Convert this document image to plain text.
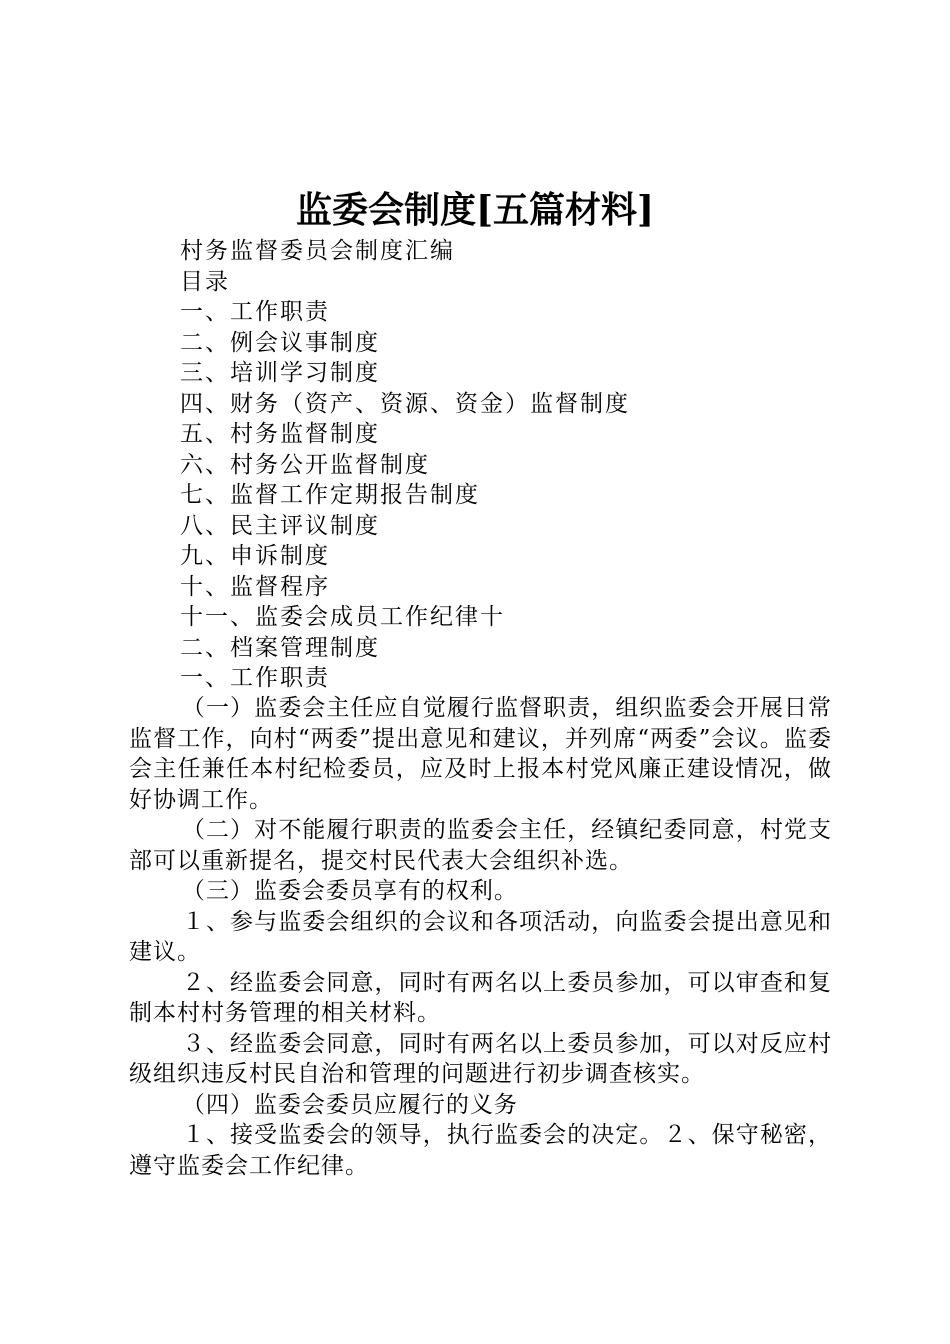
监委会制度[五篇材料]
村务监督委员会制度汇编
目录
一、工作职责
二、例会议事制度
三、培训学习制度
四、财务（资产、资源、资金）监督制度
五、村务监督制度
六、村务公开监督制度
七、监督工作定期报告制度
八、民主评议制度
九、申诉制度
十、监督程序
十一、监委会成员工作纪律十
二、档案管理制度
一、工作职责

（一）监委会主任应自觉履行监督职责，组织监委会开展日常监督工作，向村“两委”提出意见和建议，并列席“两委”会议。监委会主任兼任本村纪检委员，应及时上报本村党风廉正建设情况，做好协调工作。

（二）对不能履行职责的监委会主任，经镇纪委同意，村党支部可以重新提名，提交村民代表大会组织补选。

（三）监委会委员享有的权利。

１、参与监委会组织的会议和各项活动，向监委会提出意见和建议。

２、经监委会同意，同时有两名以上委员参加，可以审查和复制本村村务管理的相关材料。

３、经监委会同意，同时有两名以上委员参加，可以对反应村级组织违反村民自治和管理的问题进行初步调查核实。

（四）监委会委员应履行的义务

１、接受监委会的领导，执行监委会的决定。２、保守秘密，遵守监委会工作纪律。
